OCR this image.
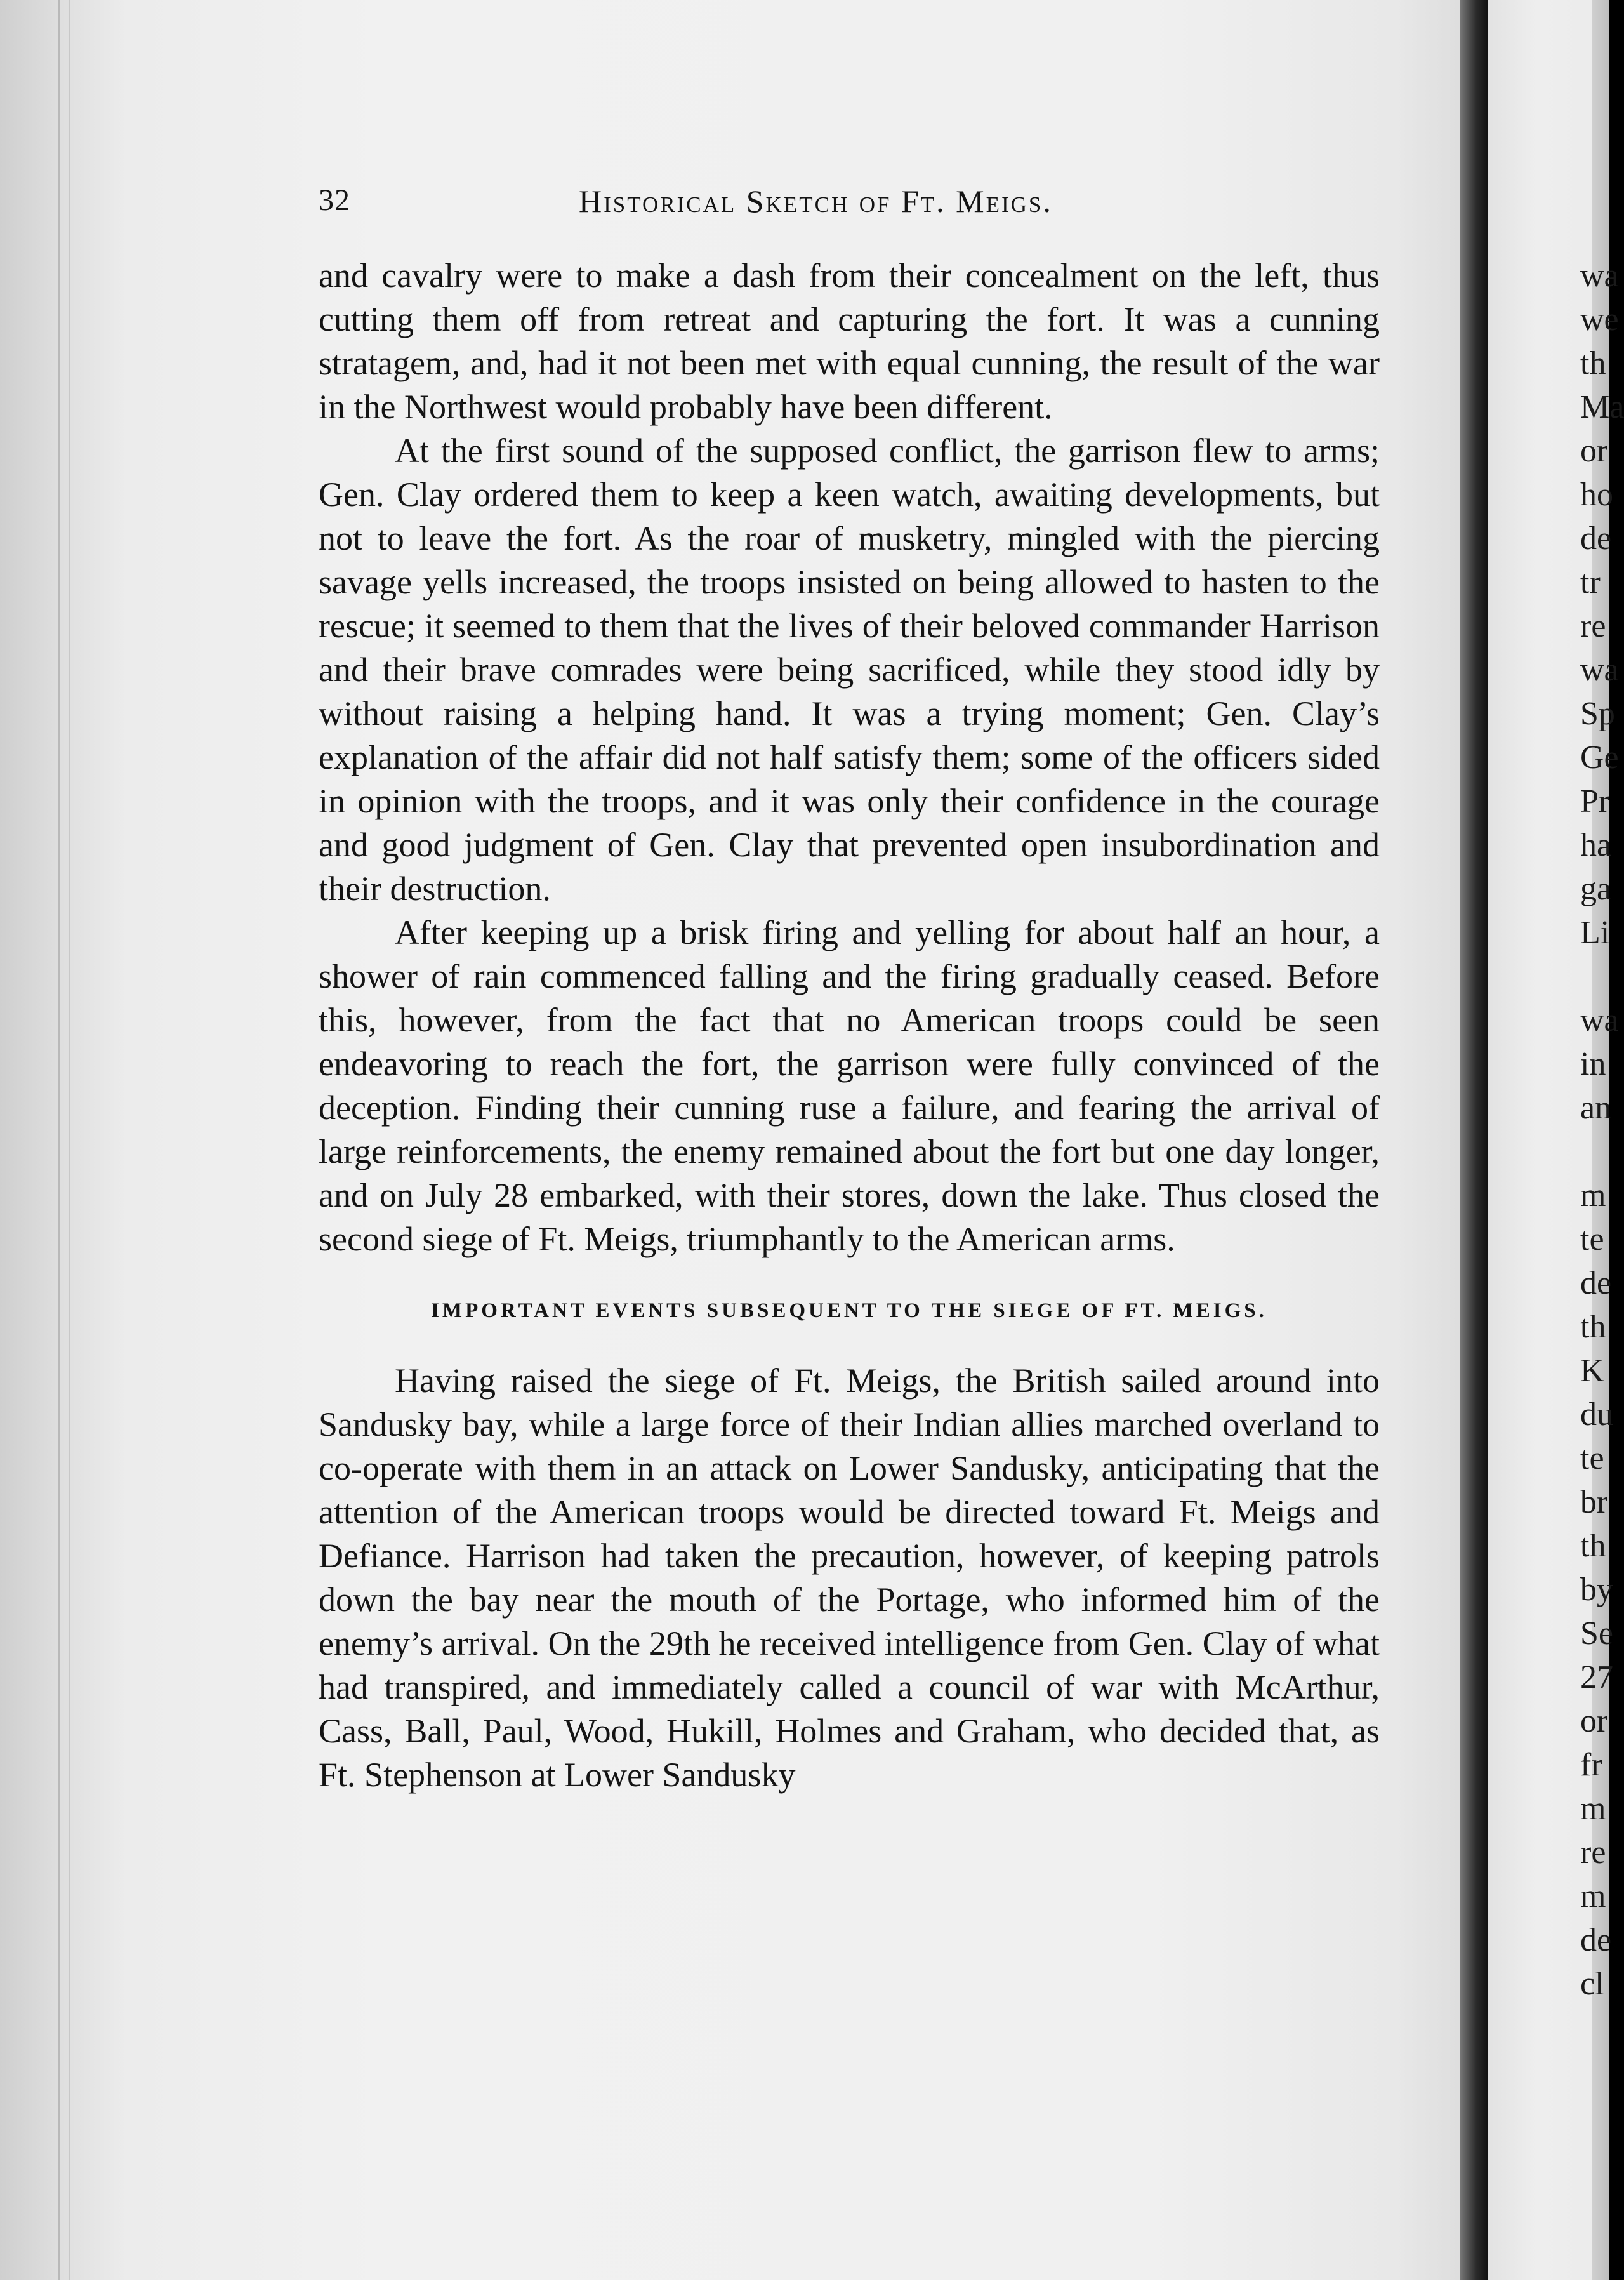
32	Historical Sketch of Ft. Meigs.

and cavalry were to make a dash from their concealment on the left, thus cutting them off from retreat and capturing the fort. It was a cunning stratagem, and, had it not been met with equal cunning, the result of the war in the Northwest would probably have been different.

At the first sound of the supposed conflict, the garrison flew to arms; Gen. Clay ordered them to keep a keen watch, awaiting developments, but not to leave the fort. As the roar of musketry, mingled with the piercing savage yells increased, the troops insisted on being allowed to hasten to the rescue; it seemed to them that the lives of their beloved commander Harrison and their brave comrades were being sacrificed, while they stood idly by without raising a helping hand. It was a trying moment; Gen. Clay’s explanation of the affair did not half satisfy them; some of the officers sided in opinion with the troops, and it was only their confidence in the courage and good judgment of Gen. Clay that prevented open insubordination and their destruction.

After keeping up a brisk firing and yelling for about half an hour, a shower of rain commenced falling and the firing gradually ceased. Before this, however, from the fact that no American troops could be seen endeavoring to reach the fort, the garrison were fully convinced of the deception. Finding their cunning ruse a failure, and fearing the arrival of large reinforcements, the enemy remained about the fort but one day longer, and on July 28 embarked, with their stores, down the lake. Thus closed the second siege of Ft. Meigs, triumphantly to the American arms.

IMPORTANT EVENTS SUBSEQUENT TO THE SIEGE OF FT. MEIGS.

Having raised the siege of Ft. Meigs, the British sailed around into Sandusky bay, while a large force of their Indian allies marched overland to co-operate with them in an attack on Lower Sandusky, anticipating that the attention of the American troops would be directed toward Ft. Meigs and Defiance. Harrison had taken the precaution, however, of keeping patrols down the bay near the mouth of the Portage, who informed him of the enemy’s arrival. On the 29th he received intelligence from Gen. Clay of what had transpired, and immediately called a council of war with McArthur, Cass, Ball, Paul, Wood, Hukill, Holmes and Graham, who decided that, as Ft. Stephenson at Lower Sandusky

wa
we
th
Ma
or
ho
de
tr
re
wa
Sp
Ge
Pr
ha
ga
Li
wa
in
an
m
te
de
th
K
du
te
br
th
by
Se
27
or
fr
m
re
m
de
cl
